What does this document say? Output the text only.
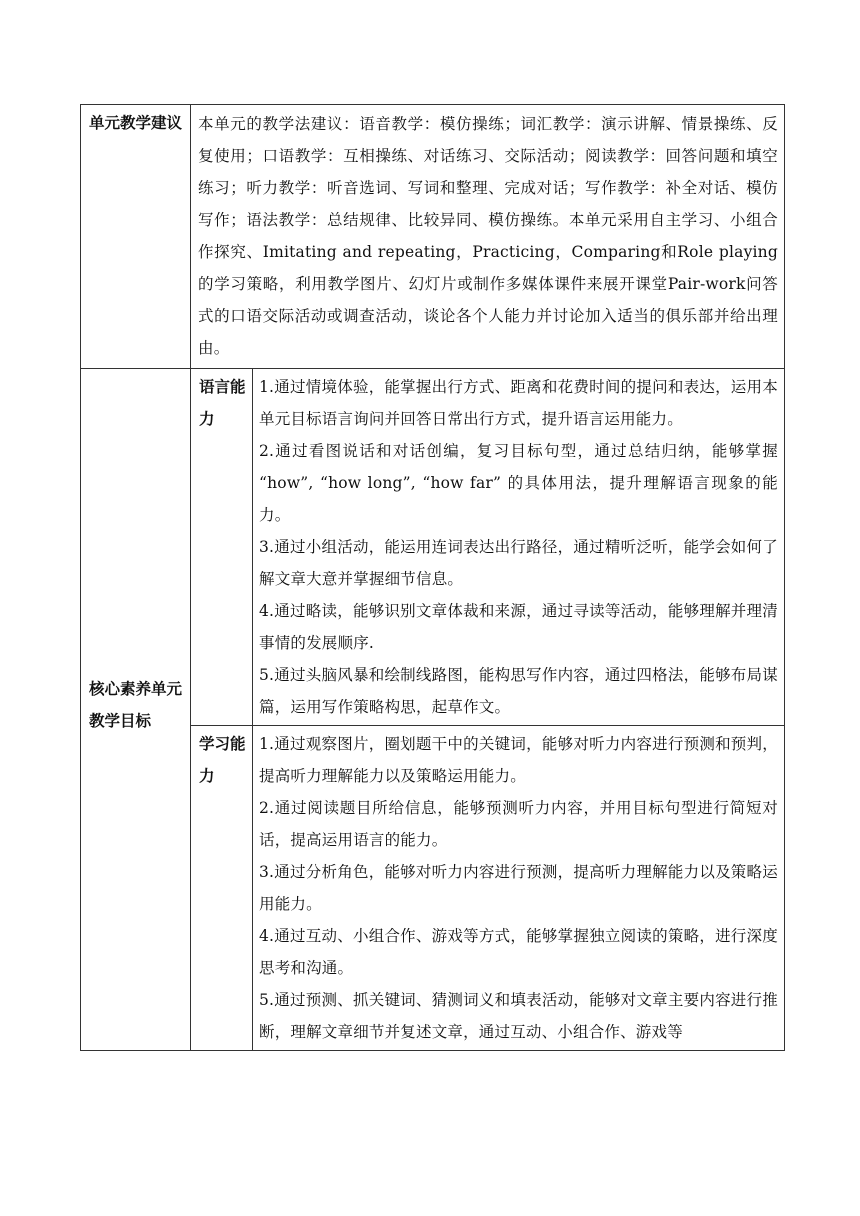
单元教学建议	本单元的教学法建议：语音教学：模仿操练；词汇教学：演示讲解、情景操练、反复使用；口语教学：互相操练、对话练习、交际活动；阅读教学：回答问题和填空练习；听力教学：听音选词、写词和整理、完成对话；写作教学：补全对话、模仿写作；语法教学：总结规律、比较异同、模仿操练。本单元采用自主学习、小组合作探究、Imitating and repeating，Practicing，Comparing和Role playing的学习策略，利用教学图片、幻灯片或制作多媒体课件来展开课堂Pair-work问答式的口语交际活动或调查活动，谈论各个人能力并讨论加入适当的俱乐部并给出理由。	

核心素养单元教学目标	语言能力	1.通过情境体验，能掌握出行方式、距离和花费时间的提问和表达，运用本单元目标语言询问并回答日常出行方式，提升语言运用能力。

2.通过看图说话和对话创编，复习目标句型，通过总结归纳，能够掌握 “how”, “how long”, “how far” 的具体用法，提升理解语言现象的能力。

3.通过小组活动，能运用连词表达出行路径，通过精听泛听，能学会如何了解文章大意并掌握细节信息。

4.通过略读，能够识别文章体裁和来源，通过寻读等活动，能够理解并理清事情的发展顺序.

5.通过头脑风暴和绘制线路图，能构思写作内容，通过四格法，能够布局谋篇，运用写作策略构思，起草作文。

	学习能力	1.通过观察图片，圈划题干中的关键词，能够对听力内容进行预测和预判，提高听力理解能力以及策略运用能力。

2.通过阅读题目所给信息，能够预测听力内容，并用目标句型进行简短对话，提高运用语言的能力。

3.通过分析角色，能够对听力内容进行预测，提高听力理解能力以及策略运用能力。

4.通过互动、小组合作、游戏等方式，能够掌握独立阅读的策略，进行深度思考和沟通。

5.通过预测、抓关键词、猜测词义和填表活动，能够对文章主要内容进行推断，理解文章细节并复述文章，通过互动、小组合作、游戏等
